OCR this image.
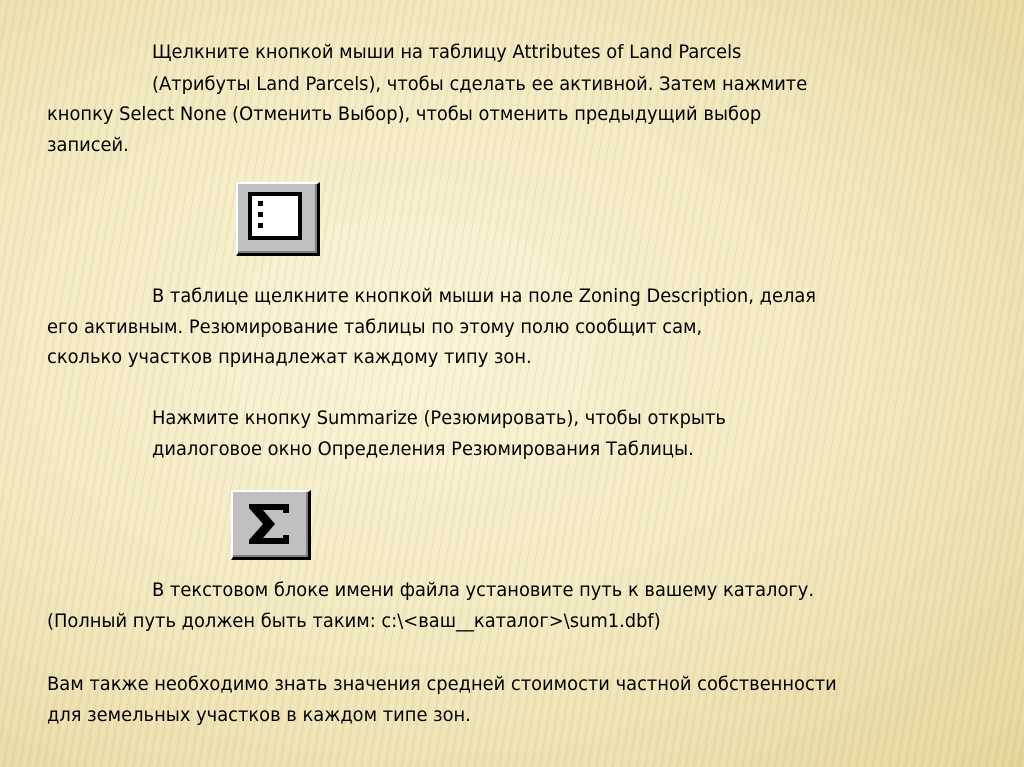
Щелкните кнопкой мыши на таблицу Attributes of Land Parcels
(Атрибуты Land Parcels), чтобы сделать ее активной. Затем нажмите
кнопку Select None (Отменить Выбор), чтобы отменить предыдущий выбор
записей.
В таблице щелкните кнопкой мыши на поле Zoning Description, делая
его активным. Резюмирование таблицы по этому полю сообщит сам,
сколько участков принадлежат каждому типу зон.
Нажмите кнопку Summarize (Резюмировать), чтобы открыть
диалоговое окно Определения Резюмирования Таблицы.
В текстовом блоке имени файла установите путь к вашему каталогу.
(Полный путь должен быть таким: c:\<ваш__каталог>\sum1.dbf)
Вам также необходимо знать значения средней стоимости частной собственности
для земельных участков в каждом типе зон.
